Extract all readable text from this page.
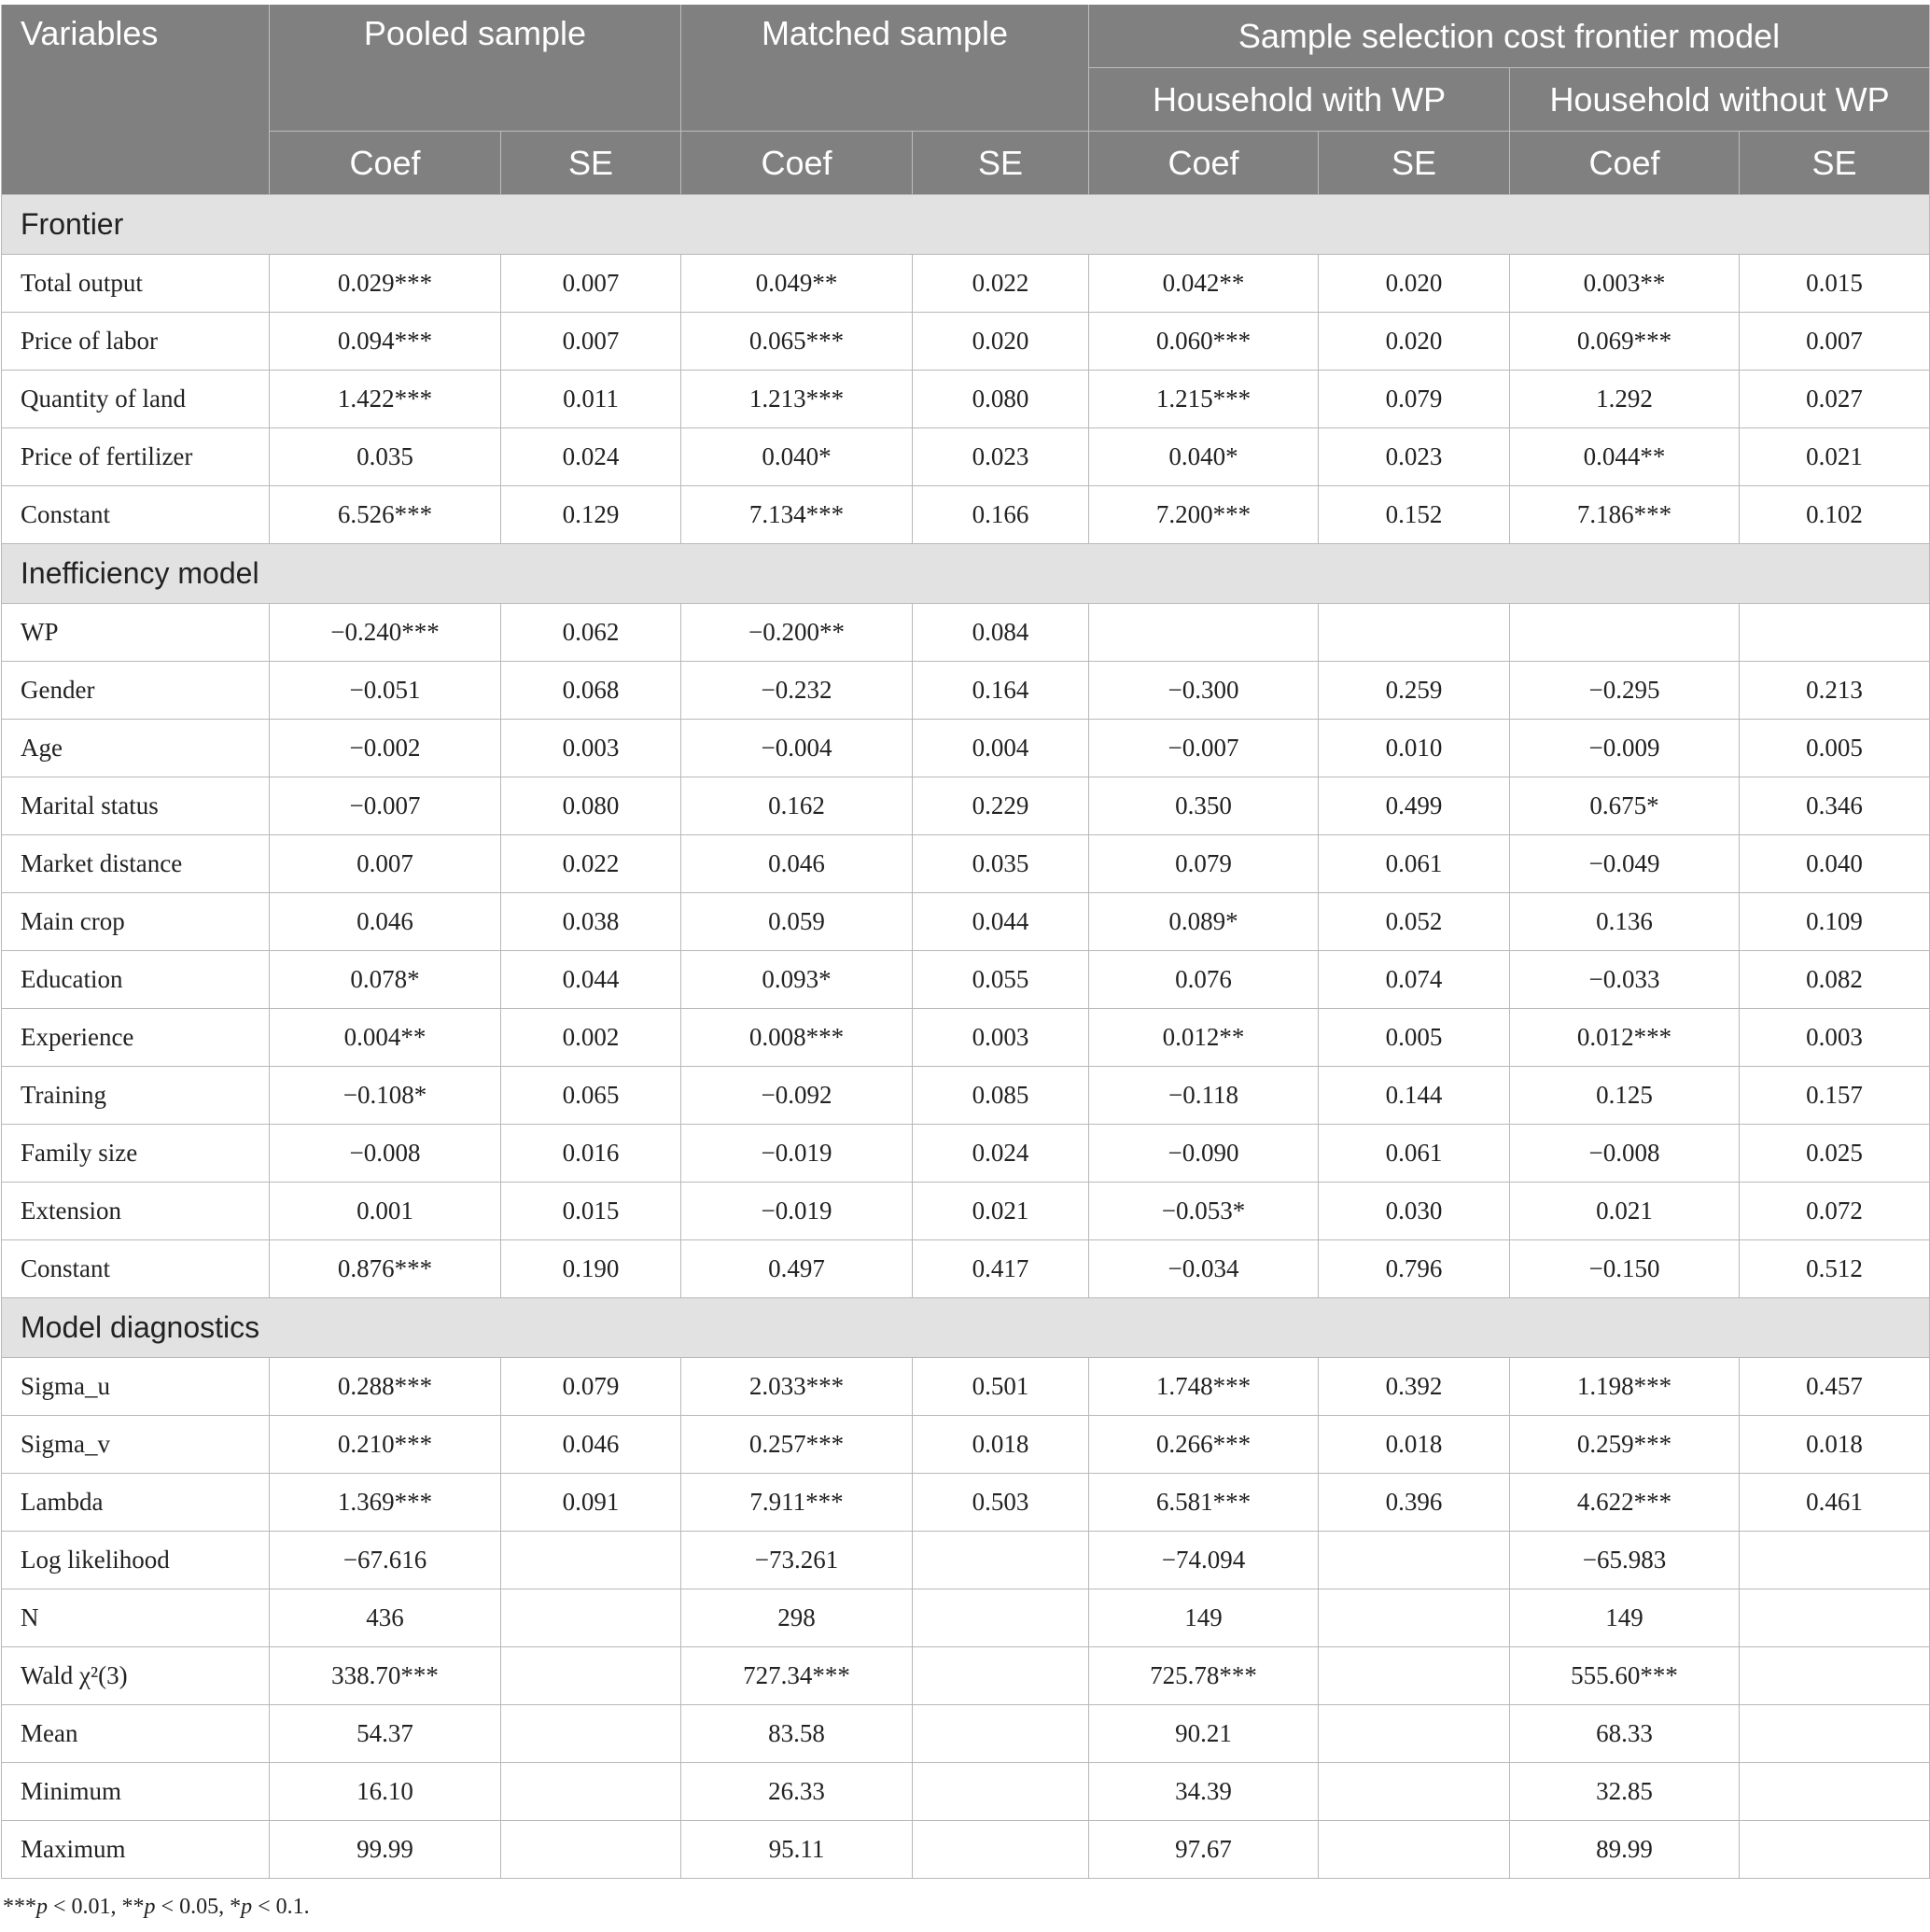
Variables	Pooled sample		Matched sample		Sample selection cost frontier model			
					Household with WP		Household without WP	
	Coef	SE	Coef	SE	Coef	SE	Coef	SE
Frontier								
Total output	0.029***	0.007	0.049**	0.022	0.042**	0.020	0.003**	0.015
Price of labor	0.094***	0.007	0.065***	0.020	0.060***	0.020	0.069***	0.007
Quantity of land	1.422***	0.011	1.213***	0.080	1.215***	0.079	1.292	0.027
Price of fertilizer	0.035	0.024	0.040*	0.023	0.040*	0.023	0.044**	0.021
Constant	6.526***	0.129	7.134***	0.166	7.200***	0.152	7.186***	0.102
Inefficiency model								
WP	−0.240***	0.062	−0.200**	0.084				
Gender	−0.051	0.068	−0.232	0.164	−0.300	0.259	−0.295	0.213
Age	−0.002	0.003	−0.004	0.004	−0.007	0.010	−0.009	0.005
Marital status	−0.007	0.080	0.162	0.229	0.350	0.499	0.675*	0.346
Market distance	0.007	0.022	0.046	0.035	0.079	0.061	−0.049	0.040
Main crop	0.046	0.038	0.059	0.044	0.089*	0.052	0.136	0.109
Education	0.078*	0.044	0.093*	0.055	0.076	0.074	−0.033	0.082
Experience	0.004**	0.002	0.008***	0.003	0.012**	0.005	0.012***	0.003
Training	−0.108*	0.065	−0.092	0.085	−0.118	0.144	0.125	0.157
Family size	−0.008	0.016	−0.019	0.024	−0.090	0.061	−0.008	0.025
Extension	0.001	0.015	−0.019	0.021	−0.053*	0.030	0.021	0.072
Constant	0.876***	0.190	0.497	0.417	−0.034	0.796	−0.150	0.512
Model diagnostics								
Sigma_u	0.288***	0.079	2.033***	0.501	1.748***	0.392	1.198***	0.457
Sigma_v	0.210***	0.046	0.257***	0.018	0.266***	0.018	0.259***	0.018
Lambda	1.369***	0.091	7.911***	0.503	6.581***	0.396	4.622***	0.461
Log likelihood	−67.616		−73.261		−74.094		−65.983	
N	436		298		149		149	
Wald χ²(3)	338.70***		727.34***		725.78***		555.60***	
Mean	54.37		83.58		90.21		68.33	
Minimum	16.10		26.33		34.39		32.85	
Maximum	99.99		95.11		97.67		89.99	

***p < 0.01, **p < 0.05, *p < 0.1.
